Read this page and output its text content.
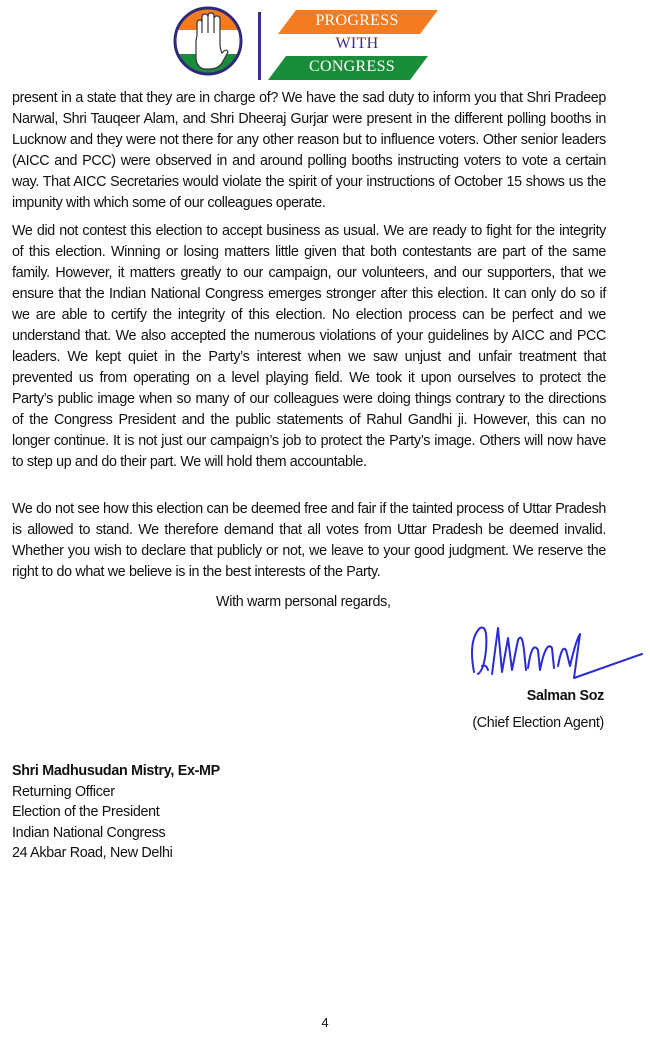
PROGRESS
WITH
CONGRESS

present in a state that they are in charge of? We have the sad duty to inform you that Shri Pradeep Narwal, Shri Tauqeer Alam, and Shri Dheeraj Gurjar were present in the different polling booths in Lucknow and they were not there for any other reason but to influence voters. Other senior leaders (AICC and PCC) were observed in and around polling booths instructing voters to vote a certain way. That AICC Secretaries would violate the spirit of your instructions of October 15 shows us the impunity with which some of our colleagues operate.

We did not contest this election to accept business as usual. We are ready to fight for the integrity of this election. Winning or losing matters little given that both contestants are part of the same family. However, it matters greatly to our campaign, our volunteers, and our supporters, that we ensure that the Indian National Congress emerges stronger after this election. It can only do so if we are able to certify the integrity of this election. No election process can be perfect and we understand that. We also accepted the numerous violations of your guidelines by AICC and PCC leaders. We kept quiet in the Party’s interest when we saw unjust and unfair treatment that prevented us from operating on a level playing field. We took it upon ourselves to protect the Party’s public image when so many of our colleagues were doing things contrary to the directions of the Congress President and the public statements of Rahul Gandhi ji. However, this can no longer continue. It is not just our campaign’s job to protect the Party’s image. Others will now have to step up and do their part. We will hold them accountable.

We do not see how this election can be deemed free and fair if the tainted process of Uttar Pradesh is allowed to stand. We therefore demand that all votes from Uttar Pradesh be deemed invalid. Whether you wish to declare that publicly or not, we leave to your good judgment. We reserve the right to do what we believe is in the best interests of the Party.

With warm personal regards,
Salman Soz
(Chief Election Agent)
Shri Madhusudan Mistry, Ex-MP
Returning Officer
Election of the President
Indian National Congress
24 Akbar Road, New Delhi
4
